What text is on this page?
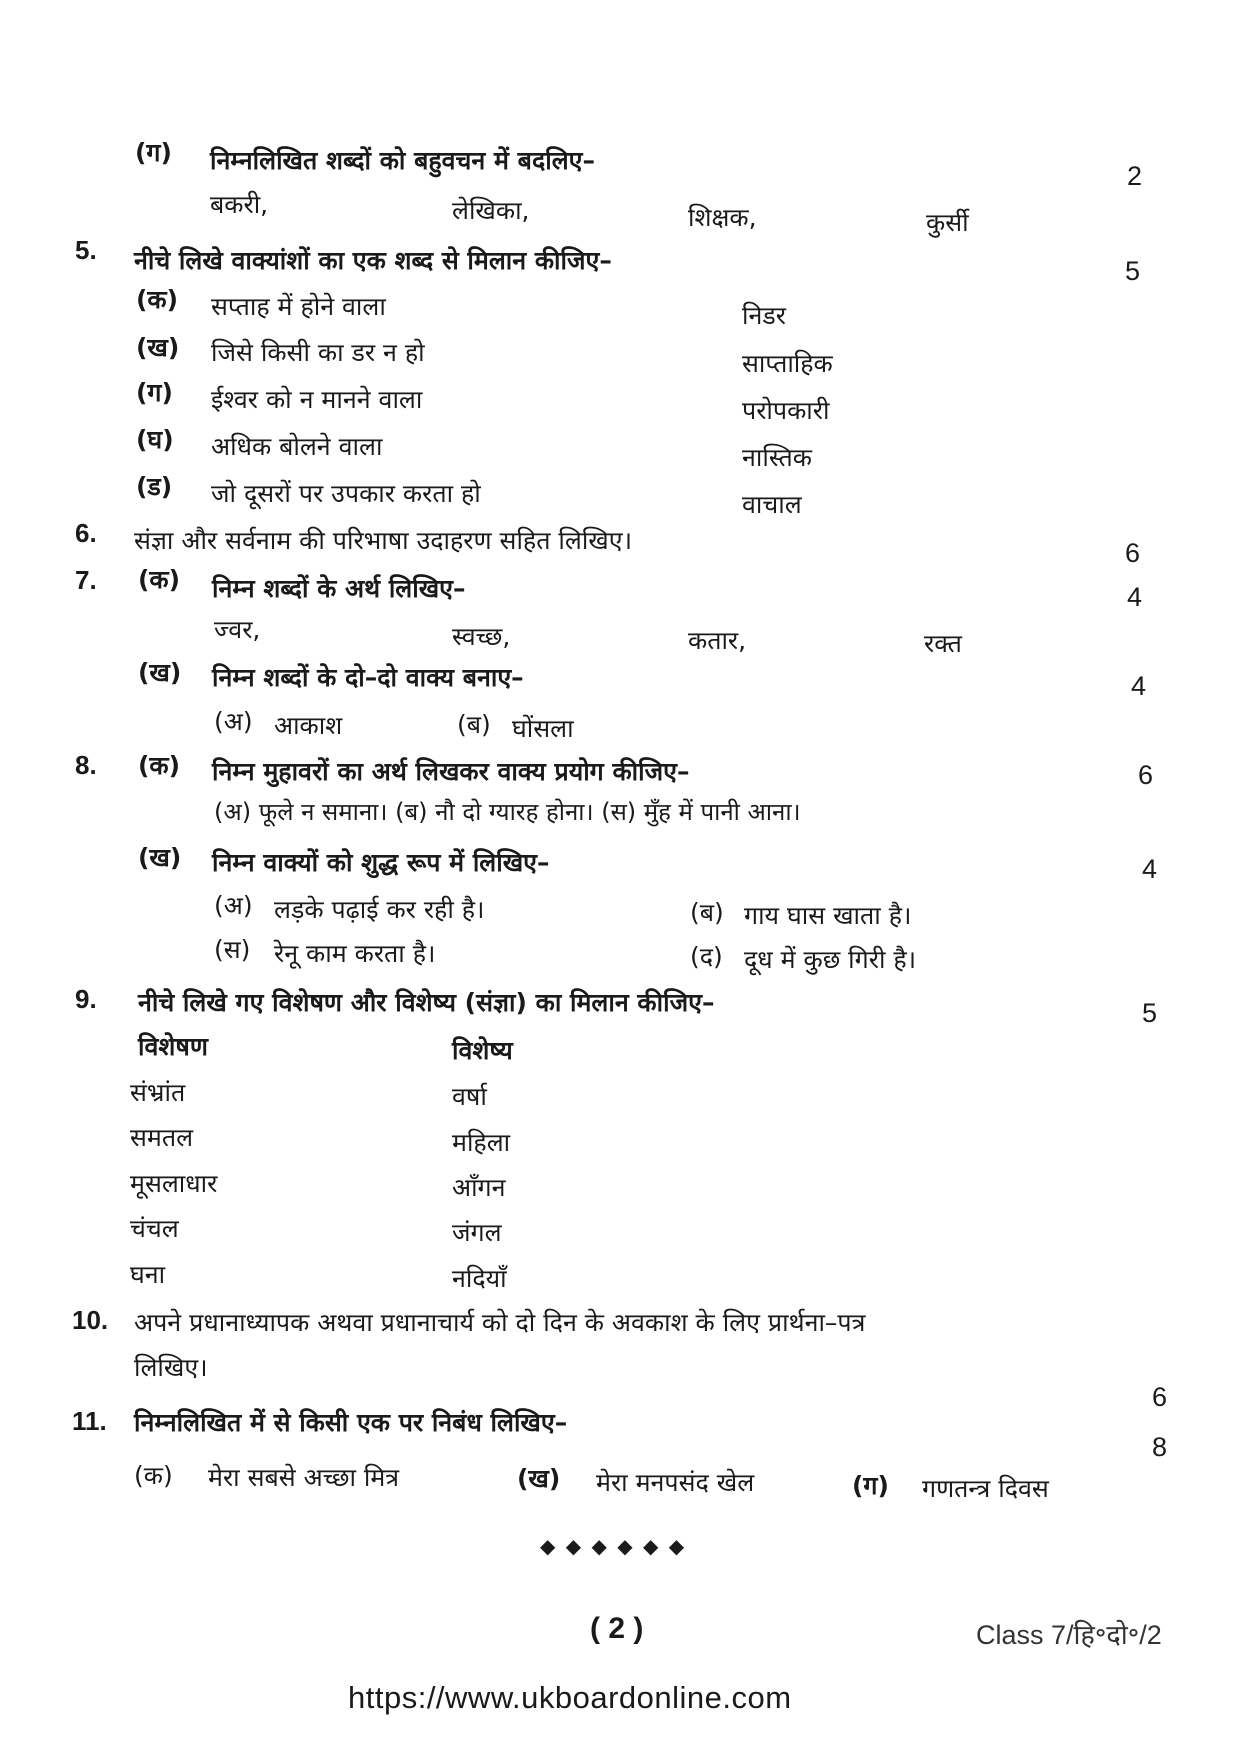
(ग) निम्नलिखित शब्दों को बहुवचन में बदलिए–
2
बकरी,	लेखिका,	शिक्षक,	कुर्सी
5. नीचे लिखे वाक्यांशों का एक शब्द से मिलान कीजिए–	5
(क) सप्ताह में होने वाला	निडर
(ख) जिसे किसी का डर न हो	साप्ताहिक
(ग) ईश्वर को न मानने वाला	परोपकारी
(घ) अधिक बोलने वाला	नास्तिक
(ड) जो दूसरों पर उपकार करता हो	वाचाल
6. संज्ञा और सर्वनाम की परिभाषा उदाहरण सहित लिखिए।	6
7. (क) निम्न शब्दों के अर्थ लिखिए–	4
ज्वर,	स्वच्छ,	कतार,	रक्त
(ख) निम्न शब्दों के दो–दो वाक्य बनाए–	4
(अ) आकाश	(ब) घोंसला
8. (क) निम्न मुहावरों का अर्थ लिखकर वाक्य प्रयोग कीजिए–	6
(अ) फूले न समाना। (ब) नौ दो ग्यारह होना। (स) मुँह में पानी आना।
(ख) निम्न वाक्यों को शुद्ध रूप में लिखिए–	4
(अ) लड़के पढ़ाई कर रही है।	(ब) गाय घास खाता है।
(स) रेनू काम करता है।	(द) दूध में कुछ गिरी है।
9. नीचे लिखे गए विशेषण और विशेष्य (संज्ञा) का मिलान कीजिए–	5
विशेषण	विशेष्य
संभ्रांत	वर्षा
समतल	महिला
मूसलाधार	आँगन
चंचल	जंगल
घना	नदियाँ
10. अपने प्रधानाध्यापक अथवा प्रधानाचार्य को दो दिन के अवकाश के लिए प्रार्थना–पत्र
लिखिए।
6
11. निम्नलिखित में से किसी एक पर निबंध लिखिए–
8
(क) मेरा सबसे अच्छा मित्र	(ख) मेरा मनपसंद खेल	(ग) गणतन्त्र दिवस
◆ ◆ ◆ ◆ ◆ ◆
( 2 )	Class 7/हि॰दो॰/2
https://www.ukboardonline.com
